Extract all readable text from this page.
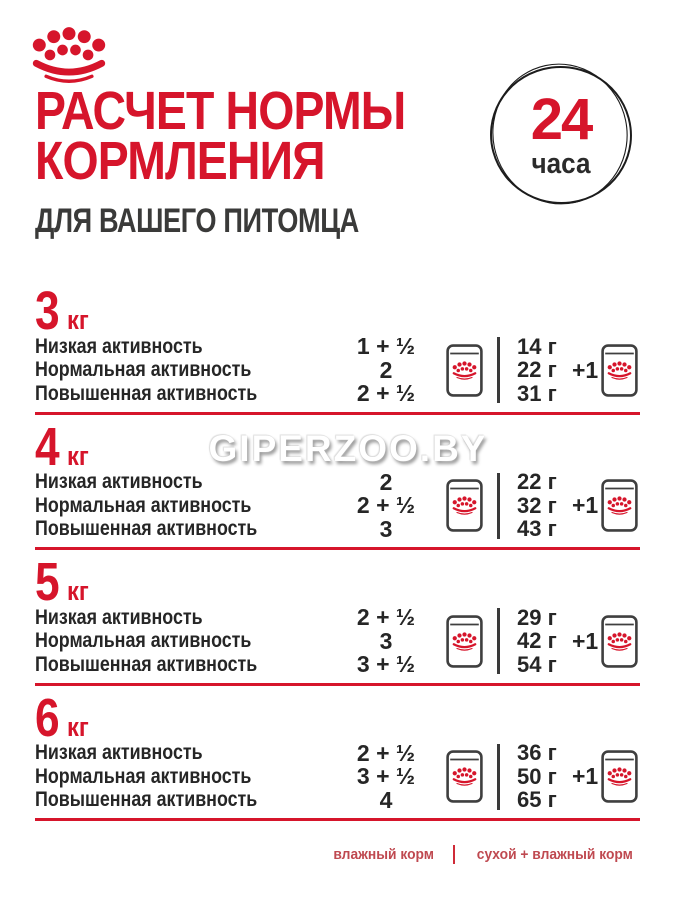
РАСЧЕТ НОРМЫ
КОРМЛЕНИЯ
ДЛЯ ВАШЕГО ПИТОМЦА
24
часа
GIPERZOO.BY
3 кг
Низкая активность
Нормальная активность
Повышенная активность
1 + ½
2
2 + ½
14 г
22 г
31 г
+1
4 кг
Низкая активность
Нормальная активность
Повышенная активность
2
2 + ½
3
22 г
32 г
43 г
+1
5 кг
Низкая активность
Нормальная активность
Повышенная активность
2 + ½
3
3 + ½
29 г
42 г
54 г
+1
6 кг
Низкая активность
Нормальная активность
Повышенная активность
2 + ½
3 + ½
4
36 г
50 г
65 г
+1
влажный корм	сухой + влажный корм
